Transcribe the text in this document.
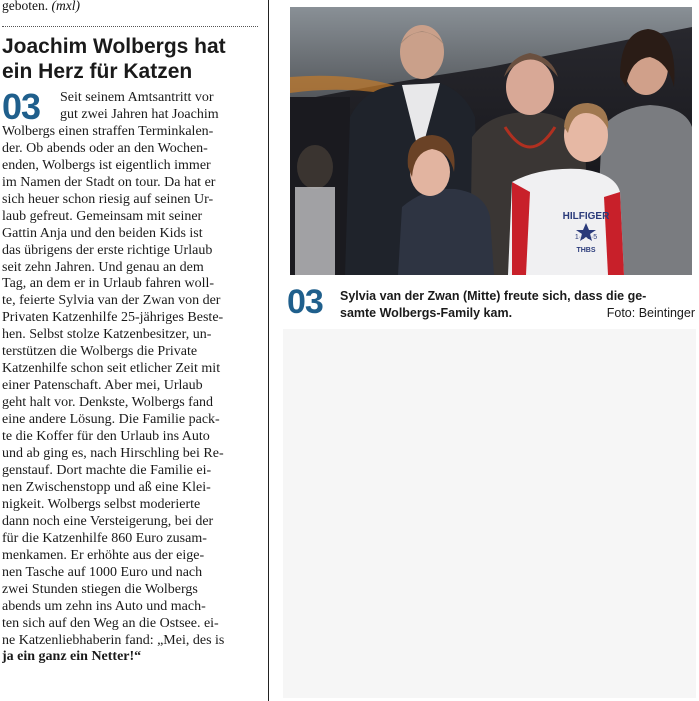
geboten. (mxl)
Joachim Wolbergs hat ein Herz für Katzen
03	Seit seinem Amtsantritt vor
gut zwei Jahren hat Joachim
Wolbergs einen straffen Terminkalen-
der. Ob abends oder an den Wochen-
enden, Wolbergs ist eigentlich immer
im Namen der Stadt on tour. Da hat er
sich heuer schon riesig auf seinen Ur-
laub gefreut. Gemeinsam mit seiner
Gattin Anja und den beiden Kids ist
das übrigens der erste richtige Urlaub
seit zehn Jahren. Und genau an dem
Tag, an dem er in Urlaub fahren woll-
te, feierte Sylvia van der Zwan von der
Privaten Katzenhilfe 25-jähriges Beste-
hen. Selbst stolze Katzenbesitzer, un-
terstützen die Wolbergs die Private
Katzenhilfe schon seit etlicher Zeit mit
einer Patenschaft. Aber mei, Urlaub
geht halt vor. Denkste, Wolbergs fand
eine andere Lösung. Die Familie pack-
te die Koffer für den Urlaub ins Auto
und ab ging es, nach Hirschling bei Re-
genstauf. Dort machte die Familie ei-
nen Zwischenstopp und aß eine Klei-
nigkeit. Wolbergs selbst moderierte
dann noch eine Versteigerung, bei der
für die Katzenhilfe 860 Euro zusam-
menkamen. Er erhöhte aus der eige-
nen Tasche auf 1000 Euro und nach
zwei Stunden stiegen die Wolbergs
abends um zehn ins Auto und mach-
ten sich auf den Weg an die Ostsee. ei-
ne Katzenliebhaberin fand: „Mei, des is
ja ein ganz ein Netter!“
HILFIGER
1·9 8·5
THBS
03 Sylvia van der Zwan (Mitte) freute sich, dass die ge-
samte Wolbergs-Family kam.	Foto: Beintinger
